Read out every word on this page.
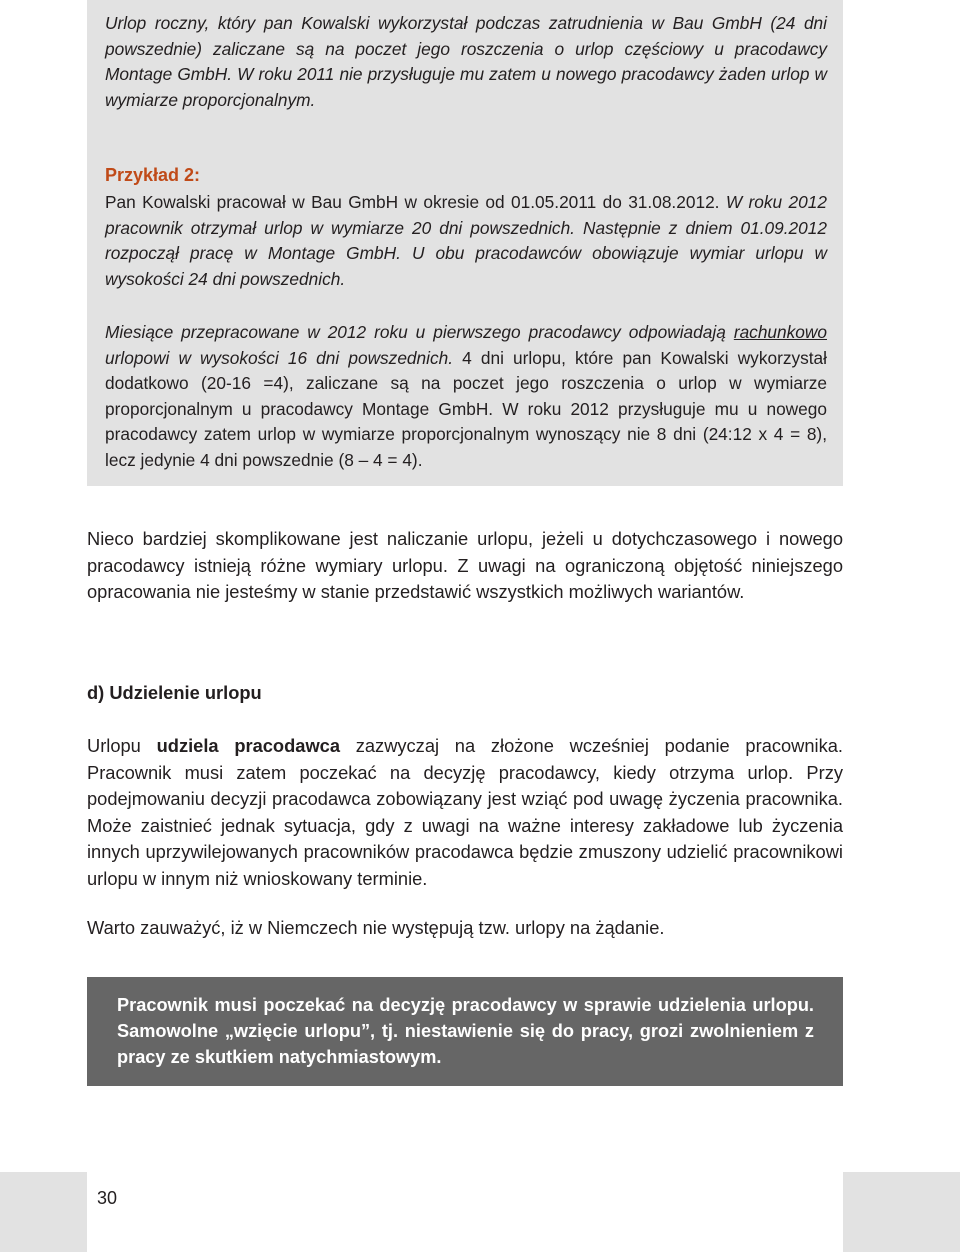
Urlop roczny, który pan Kowalski wykorzystał podczas zatrudnienia w Bau GmbH (24 dni powszednie) zaliczane są na poczet jego roszczenia o urlop częściowy u pracodawcy Montage GmbH. W roku 2011 nie przysługuje mu zatem u nowego pracodawcy żaden urlop w wymiarze proporcjonalnym.

Przykład 2:

Pan Kowalski pracował w Bau GmbH w okresie od 01.05.2011 do 31.08.2012. W roku 2012 pracownik otrzymał urlop w wymiarze 20 dni powszednich. Następnie z dniem 01.09.2012 rozpoczął pracę w Montage GmbH. U obu pracodawców obowiązuje wymiar urlopu w wysokości 24 dni powszednich.

Miesiące przepracowane w 2012 roku u pierwszego pracodawcy odpowiadają rachunkowo urlopowi w wysokości 16 dni powszednich. 4 dni urlopu, które pan Kowalski wykorzystał dodatkowo (20-16 =4), zaliczane są na poczet jego roszczenia o urlop w wymiarze proporcjonalnym u pracodawcy Montage GmbH. W roku 2012 przysługuje mu u nowego pracodawcy zatem urlop w wymiarze proporcjonalnym wynoszący nie 8 dni (24:12 x 4 = 8), lecz jedynie 4 dni powszednie (8 – 4 = 4).

Nieco bardziej skomplikowane jest naliczanie urlopu, jeżeli u dotychczasowego i nowego pracodawcy istnieją różne wymiary urlopu. Z uwagi na ograniczoną objętość niniejszego opracowania nie jesteśmy w stanie przedstawić wszystkich możliwych wariantów.

d) Udzielenie urlopu

Urlopu udziela pracodawca zazwyczaj na złożone wcześniej podanie pracownika. Pracownik musi zatem poczekać na decyzję pracodawcy, kiedy otrzyma urlop. Przy podejmowaniu decyzji pracodawca zobowiązany jest wziąć pod uwagę życzenia pracownika. Może zaistnieć jednak sytuacja, gdy z uwagi na ważne interesy zakładowe lub życzenia innych uprzywilejowanych pracowników pracodawca będzie zmuszony udzielić pracownikowi urlopu w innym niż wnioskowany terminie.

Warto zauważyć, iż w Niemczech nie występują tzw. urlopy na żądanie.

Pracownik musi poczekać na decyzję pracodawcy w sprawie udzielenia urlopu. Samowolne „wzięcie urlopu”, tj. niestawienie się do pracy, grozi zwolnieniem z pracy ze skutkiem natychmiastowym.

30
